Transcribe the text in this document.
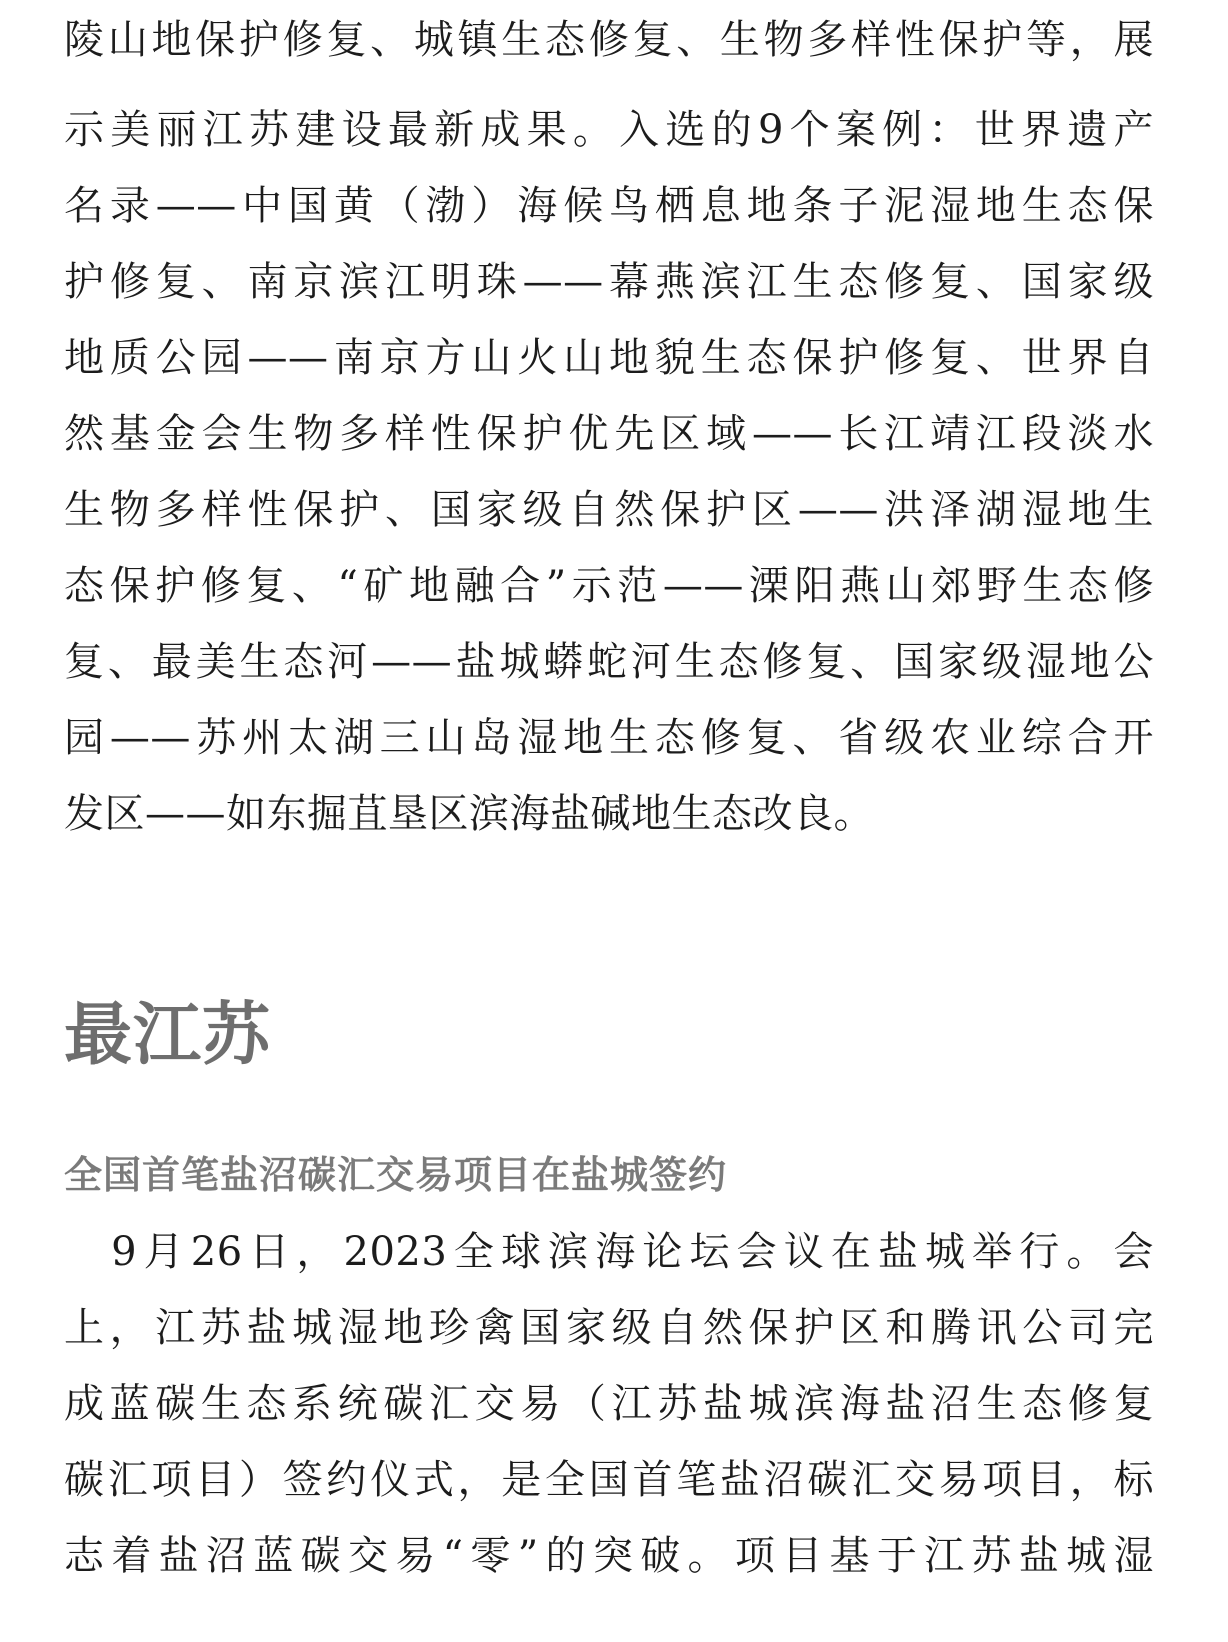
陵山地保护修复、城镇生态修复、生物多样性保护等，展
示美丽江苏建设最新成果。入选的9个案例：世界遗产
名录——中国黄（渤）海候鸟栖息地条子泥湿地生态保
护修复、南京滨江明珠——幕燕滨江生态修复、国家级
地质公园——南京方山火山地貌生态保护修复、世界自
然基金会生物多样性保护优先区域——长江靖江段淡水
生物多样性保护、国家级自然保护区——洪泽湖湿地生
态保护修复、“矿地融合”示范——溧阳燕山郊野生态修
复、最美生态河——盐城蟒蛇河生态修复、国家级湿地公
园——苏州太湖三山岛湿地生态修复、省级农业综合开
发区——如东掘苴垦区滨海盐碱地生态改良。
最江苏
全国首笔盐沼碳汇交易项目在盐城签约
　9月26日，2023全球滨海论坛会议在盐城举行。会
上，江苏盐城湿地珍禽国家级自然保护区和腾讯公司完
成蓝碳生态系统碳汇交易（江苏盐城滨海盐沼生态修复
碳汇项目）签约仪式，是全国首笔盐沼碳汇交易项目，标
志着盐沼蓝碳交易“零”的突破。项目基于江苏盐城湿
